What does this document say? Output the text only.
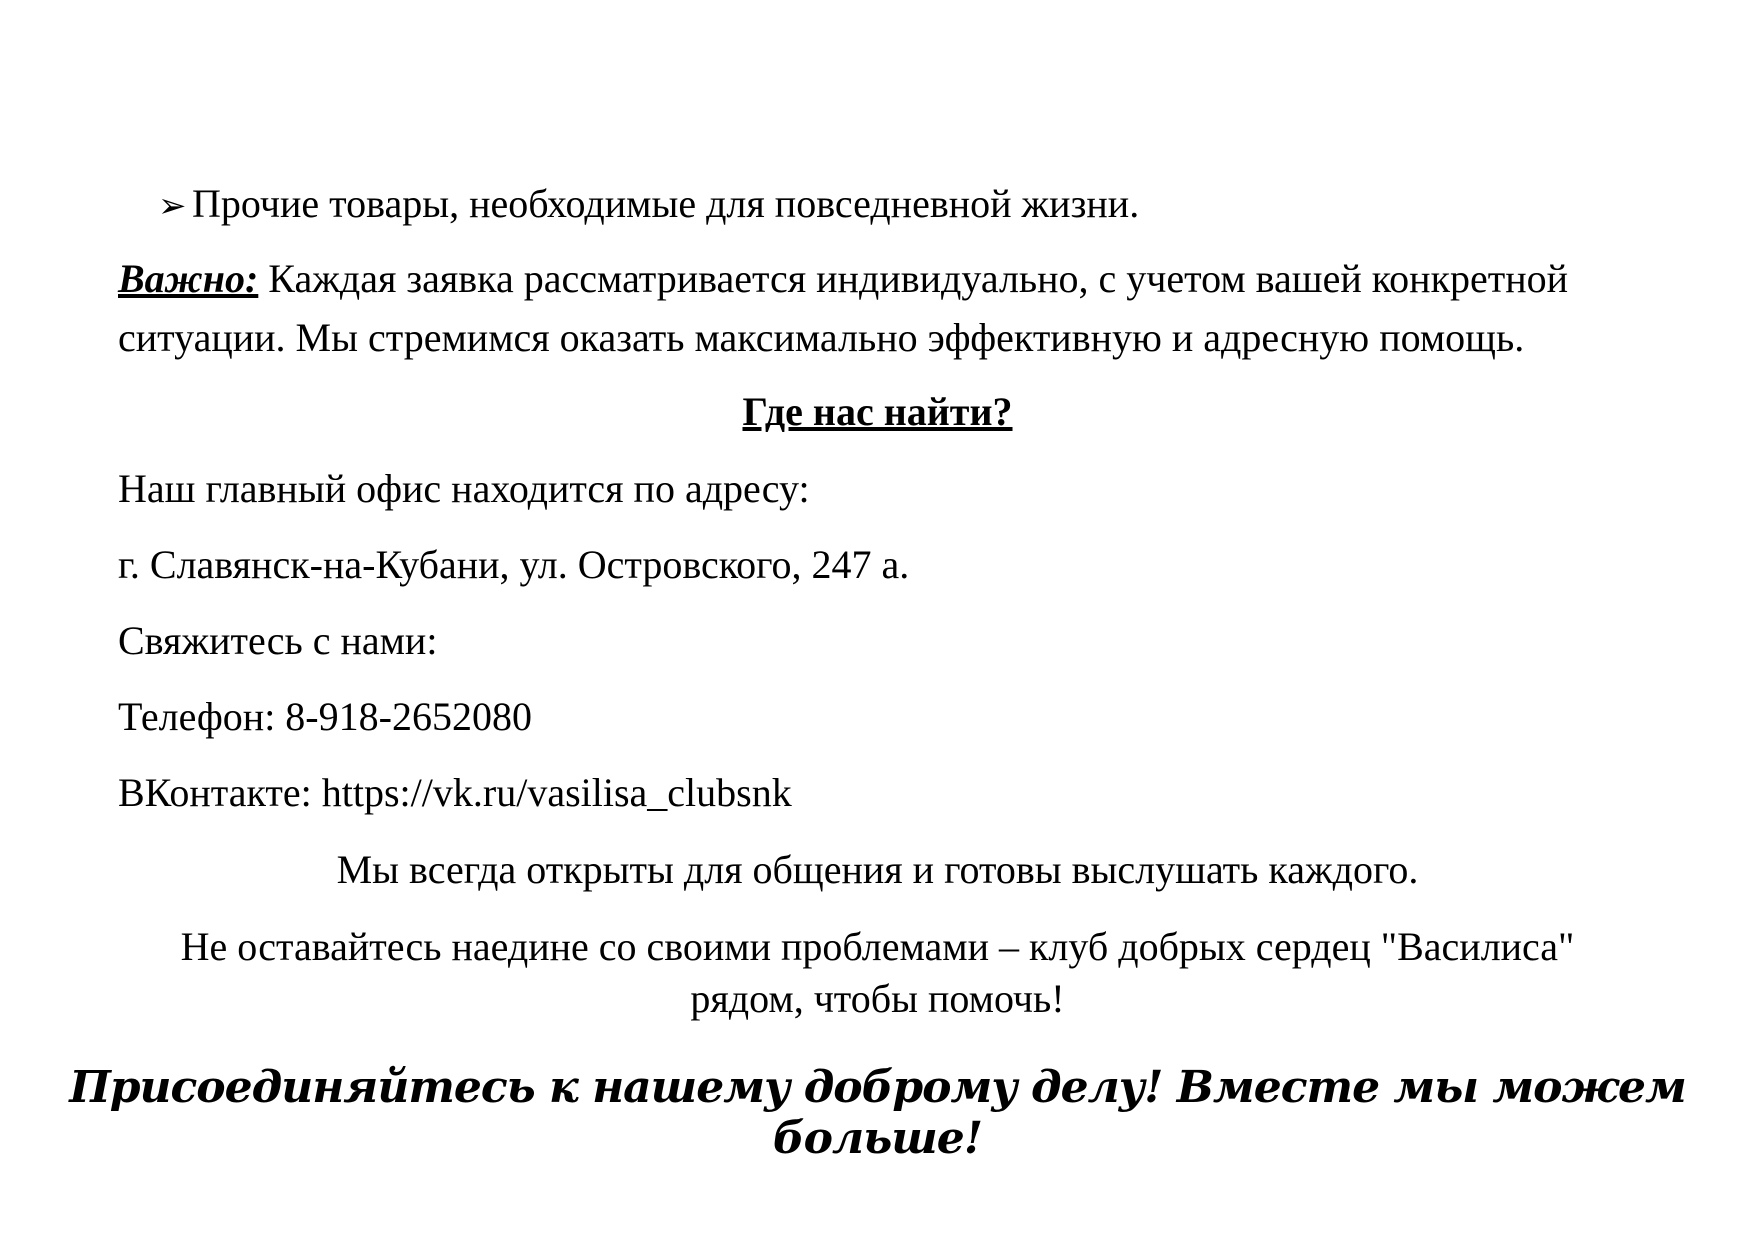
➢ Прочие товары, необходимые для повседневной жизни.
Важно: Каждая заявка рассматривается индивидуально, с учетом вашей конкретной
ситуации. Мы стремимся оказать максимально эффективную и адресную помощь.
Где нас найти?
Наш главный офис находится по адресу:
г. Славянск-на-Кубани, ул. Островского, 247 а.
Свяжитесь с нами:
Телефон: 8-918-2652080
ВКонтакте: https://vk.ru/vasilisa_clubsnk
Мы всегда открыты для общения и готовы выслушать каждого.
Не оставайтесь наедине со своими проблемами – клуб добрых сердец "Василиса"
рядом, чтобы помочь!
Присоединяйтесь к нашему доброму делу! Вместе мы можем больше!
